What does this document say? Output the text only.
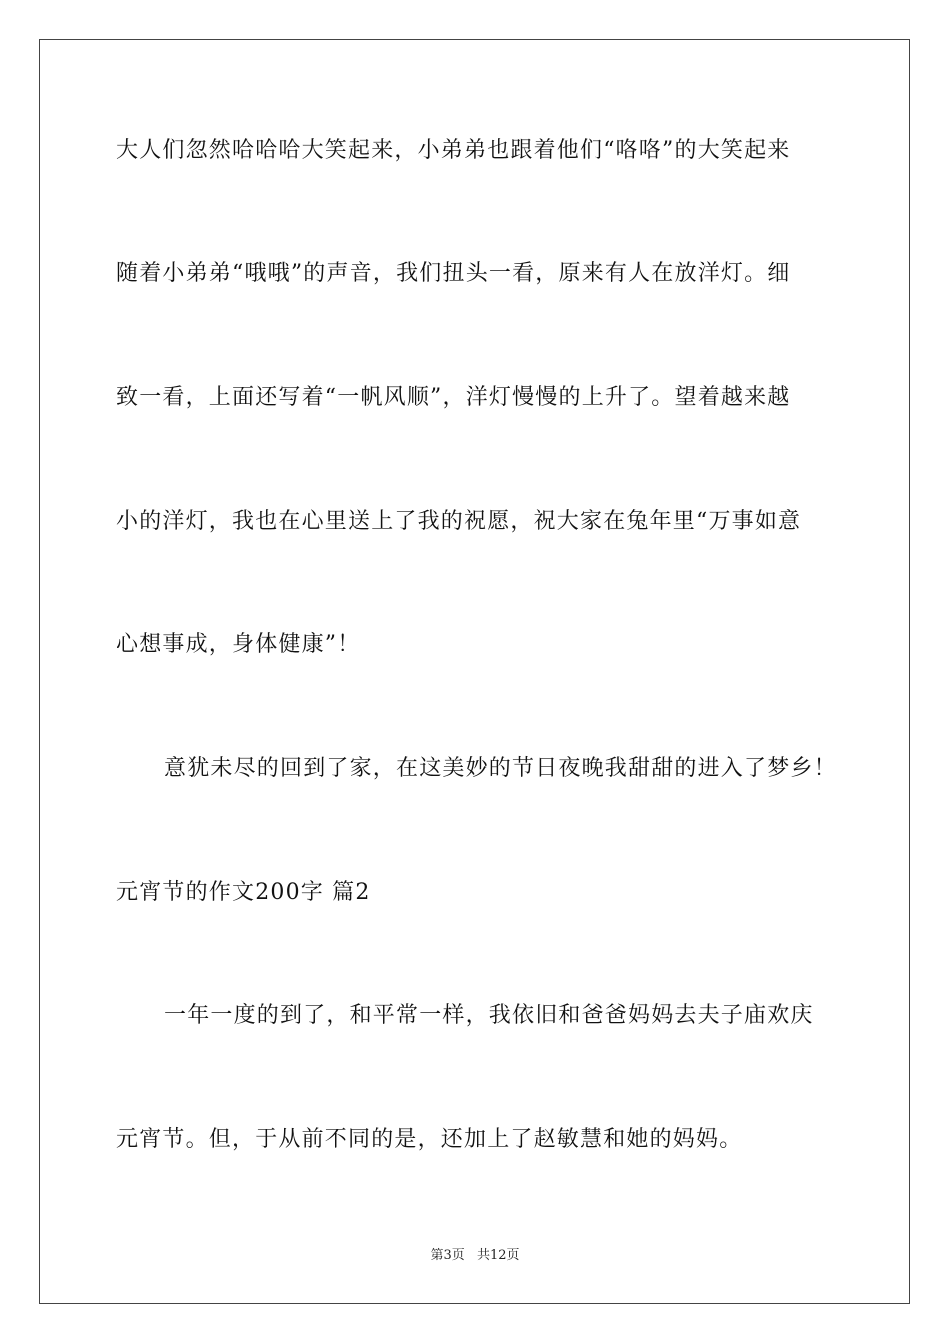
大人们忽然哈哈哈大笑起来，小弟弟也跟着他们“咯咯”的大笑起来
随着小弟弟“哦哦”的声音，我们扭头一看，原来有人在放洋灯。细
致一看，上面还写着“一帆风顺”，洋灯慢慢的上升了。望着越来越
小的洋灯，我也在心里送上了我的祝愿，祝大家在兔年里“万事如意
心想事成，身体健康”！
意犹未尽的回到了家，在这美妙的节日夜晚我甜甜的进入了梦乡！
元宵节的作文200字 篇2
一年一度的到了，和平常一样，我依旧和爸爸妈妈去夫子庙欢庆
元宵节。但，于从前不同的是，还加上了赵敏慧和她的妈妈。
第3页 共12页
